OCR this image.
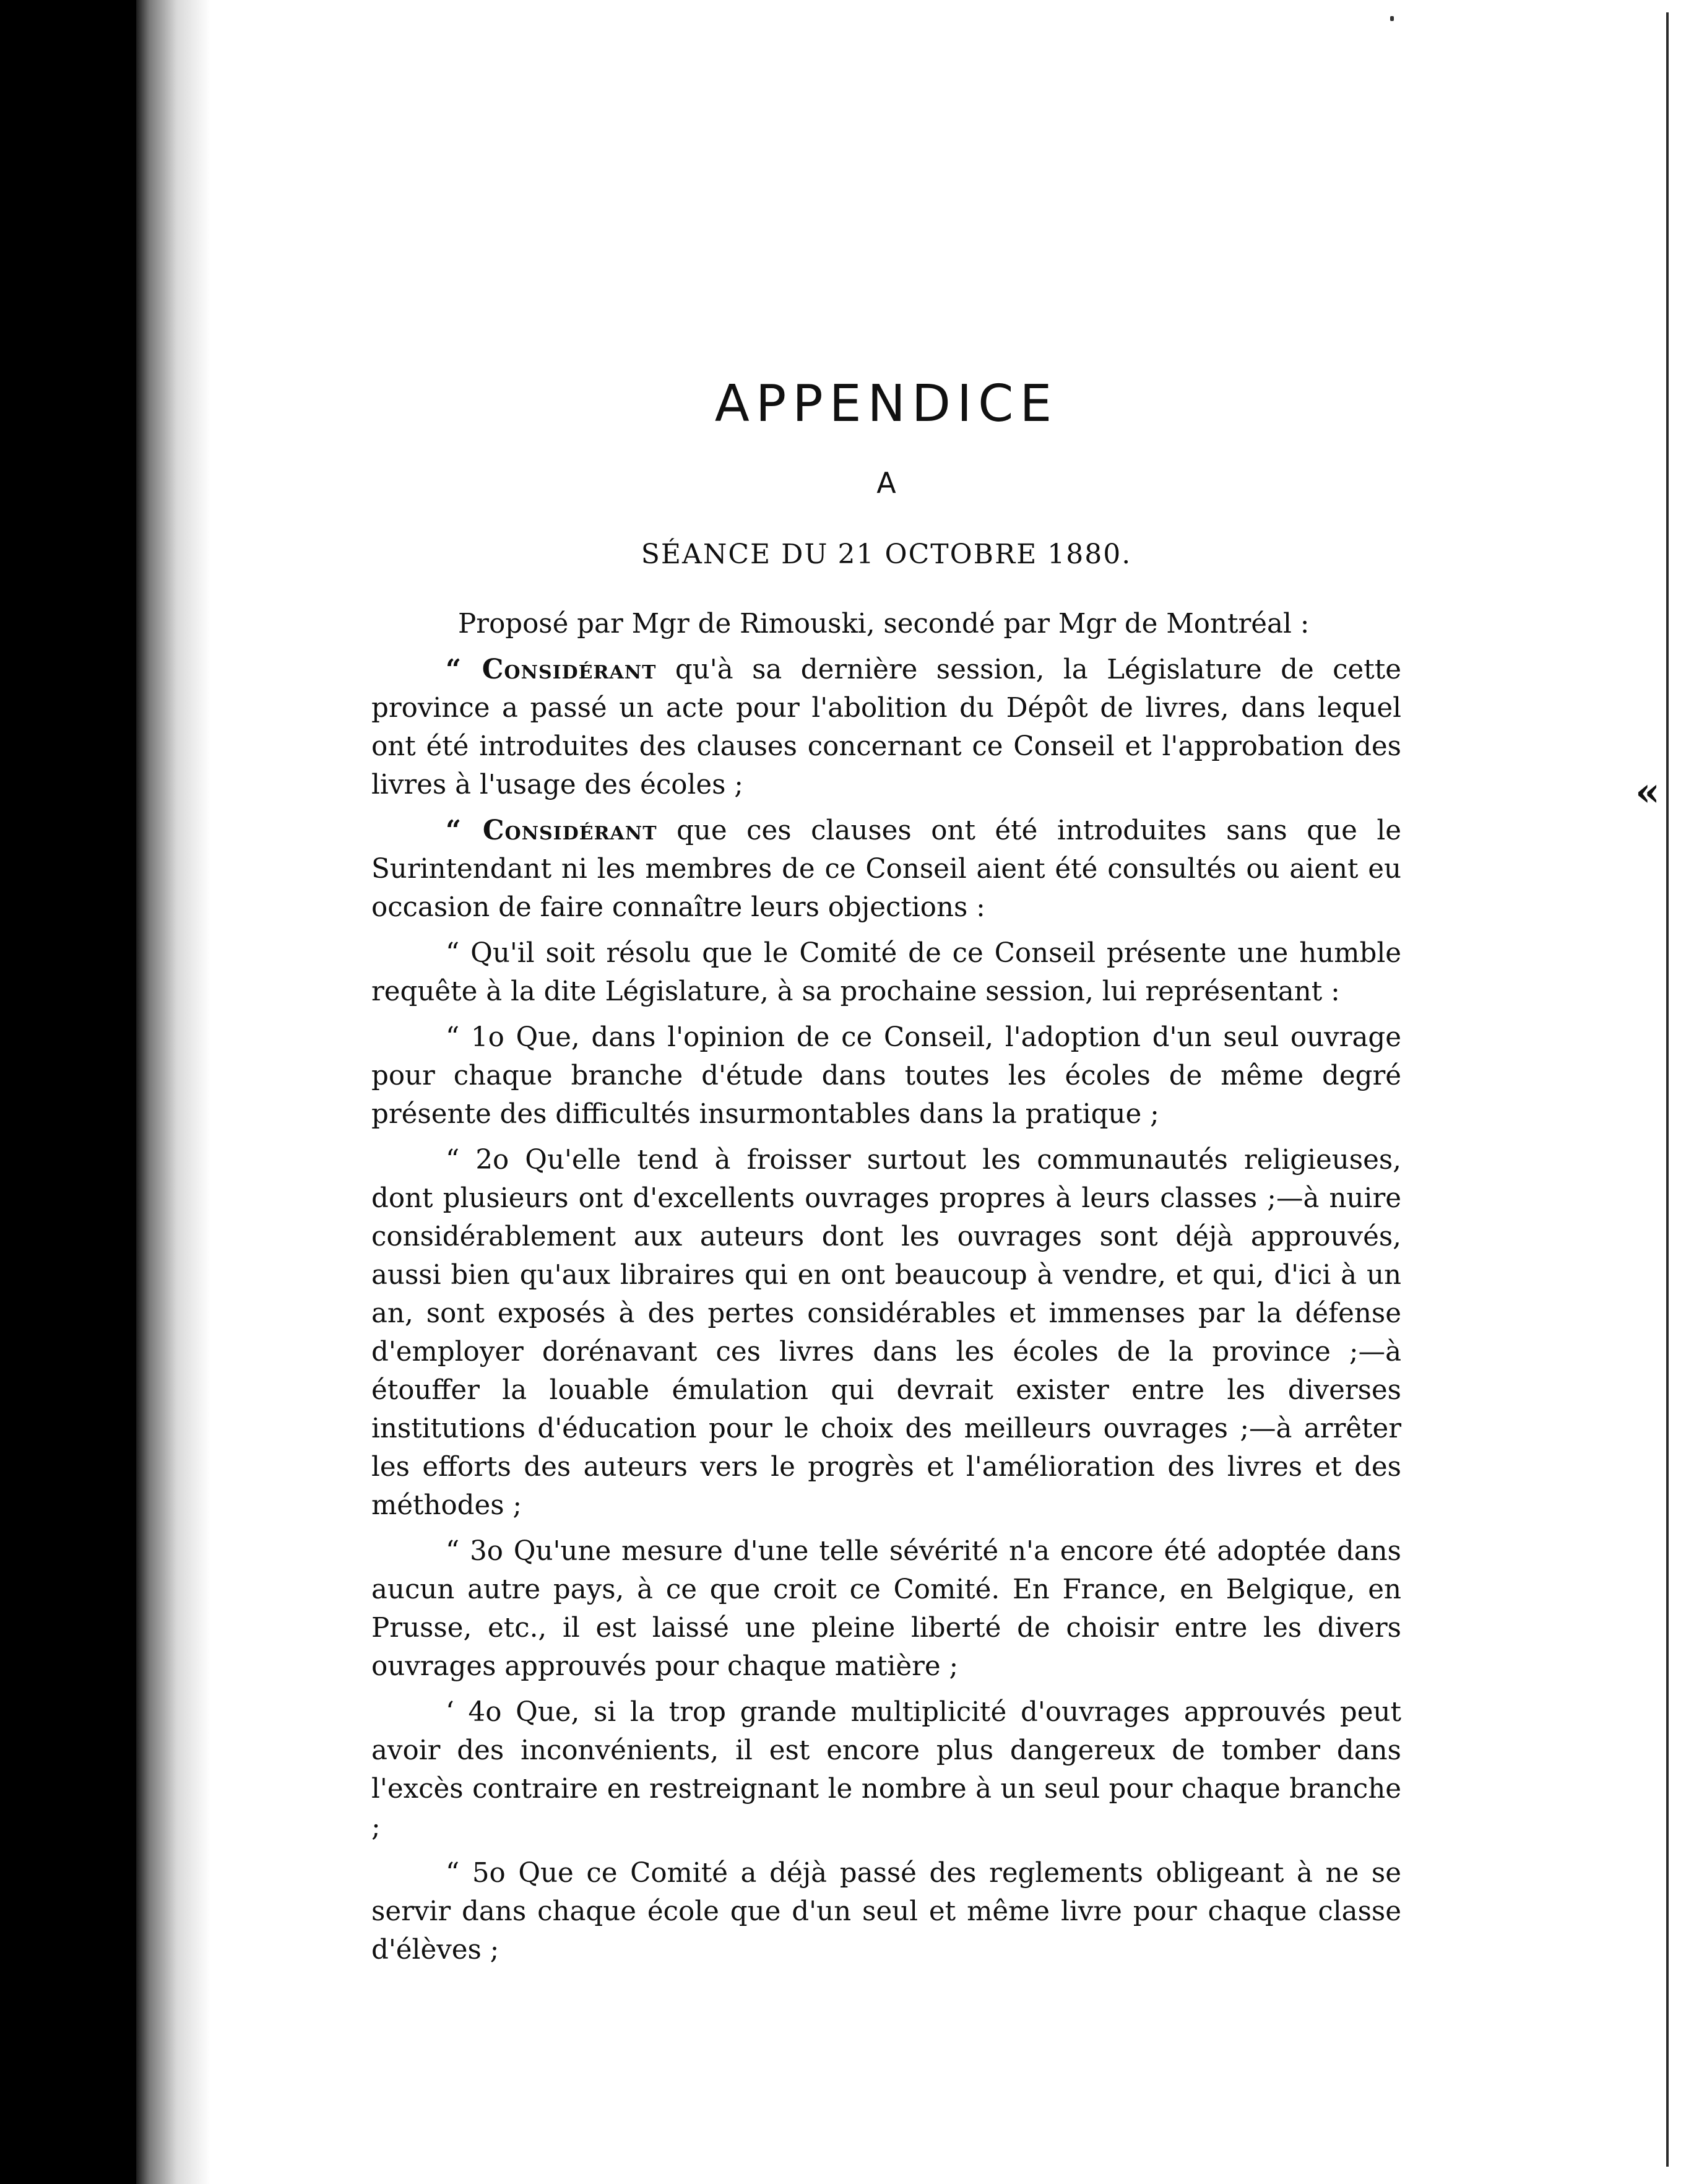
«
APPENDICE
A
SÉANCE DU 21 OCTOBRE 1880.

Proposé par Mgr de Rimouski, secondé par Mgr de Montréal :

“ Considérant qu'à sa dernière session, la Législature de cette province a passé un acte pour l'abolition du Dépôt de livres, dans lequel ont été introduites des clauses concernant ce Conseil et l'approbation des livres à l'usage des écoles ;

“ Considérant que ces clauses ont été introduites sans que le Surintendant ni les membres de ce Conseil aient été consultés ou aient eu occasion de faire connaître leurs objections :

“ Qu'il soit résolu que le Comité de ce Conseil présente une humble requête à la dite Législature, à sa prochaine session, lui représentant :

“ 1o Que, dans l'opinion de ce Conseil, l'adoption d'un seul ouvrage pour chaque branche d'étude dans toutes les écoles de même degré présente des difficultés insurmontables dans la pratique ;

“ 2o Qu'elle tend à froisser surtout les communautés religieuses, dont plusieurs ont d'excellents ouvrages propres à leurs classes ;—à nuire considérablement aux auteurs dont les ouvrages sont déjà approuvés, aussi bien qu'aux libraires qui en ont beaucoup à vendre, et qui, d'ici à un an, sont exposés à des pertes considérables et immenses par la défense d'employer dorénavant ces livres dans les écoles de la province ;—à étouffer la louable émulation qui devrait exister entre les diverses institutions d'éducation pour le choix des meilleurs ouvrages ;—à arrêter les efforts des auteurs vers le progrès et l'amélioration des livres et des méthodes ;

“ 3o Qu'une mesure d'une telle sévérité n'a encore été adoptée dans aucun autre pays, à ce que croit ce Comité. En France, en Belgique, en Prusse, etc., il est laissé une pleine liberté de choisir entre les divers ouvrages approuvés pour chaque matière ;

‘ 4o Que, si la trop grande multiplicité d'ouvrages approuvés peut avoir des inconvénients, il est encore plus dangereux de tomber dans l'excès contraire en restreignant le nombre à un seul pour chaque branche ;

“ 5o Que ce Comité a déjà passé des reglements obligeant à ne se servir dans chaque école que d'un seul et même livre pour chaque classe d'élèves ;
